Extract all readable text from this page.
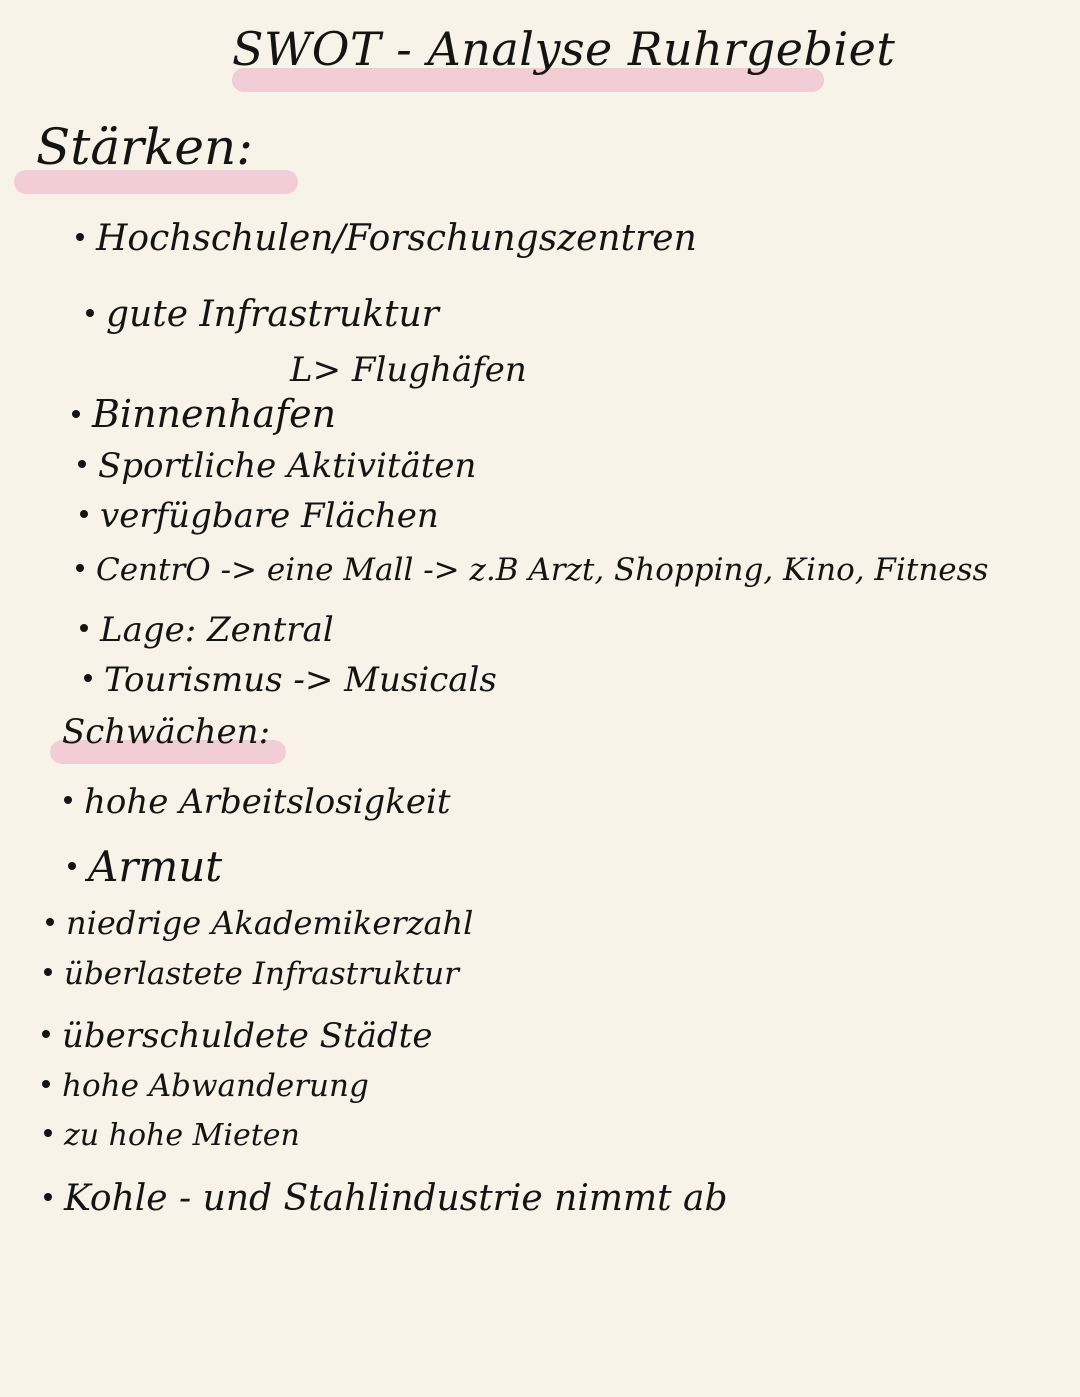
SWOT - Analyse Ruhrgebiet
Stärken:
Hochschulen/Forschungszentren
gute Infrastruktur
L> Flughäfen
Binnenhafen
Sportliche Aktivitäten
verfügbare Flächen
CentrO -> eine Mall -> z.B Arzt, Shopping, Kino, Fitness
Lage: Zentral
Tourismus -> Musicals
Schwächen:
hohe Arbeitslosigkeit
Armut
niedrige Akademikerzahl
überlastete Infrastruktur
überschuldete Städte
hohe Abwanderung
zu hohe Mieten
Kohle - und Stahlindustrie nimmt ab
